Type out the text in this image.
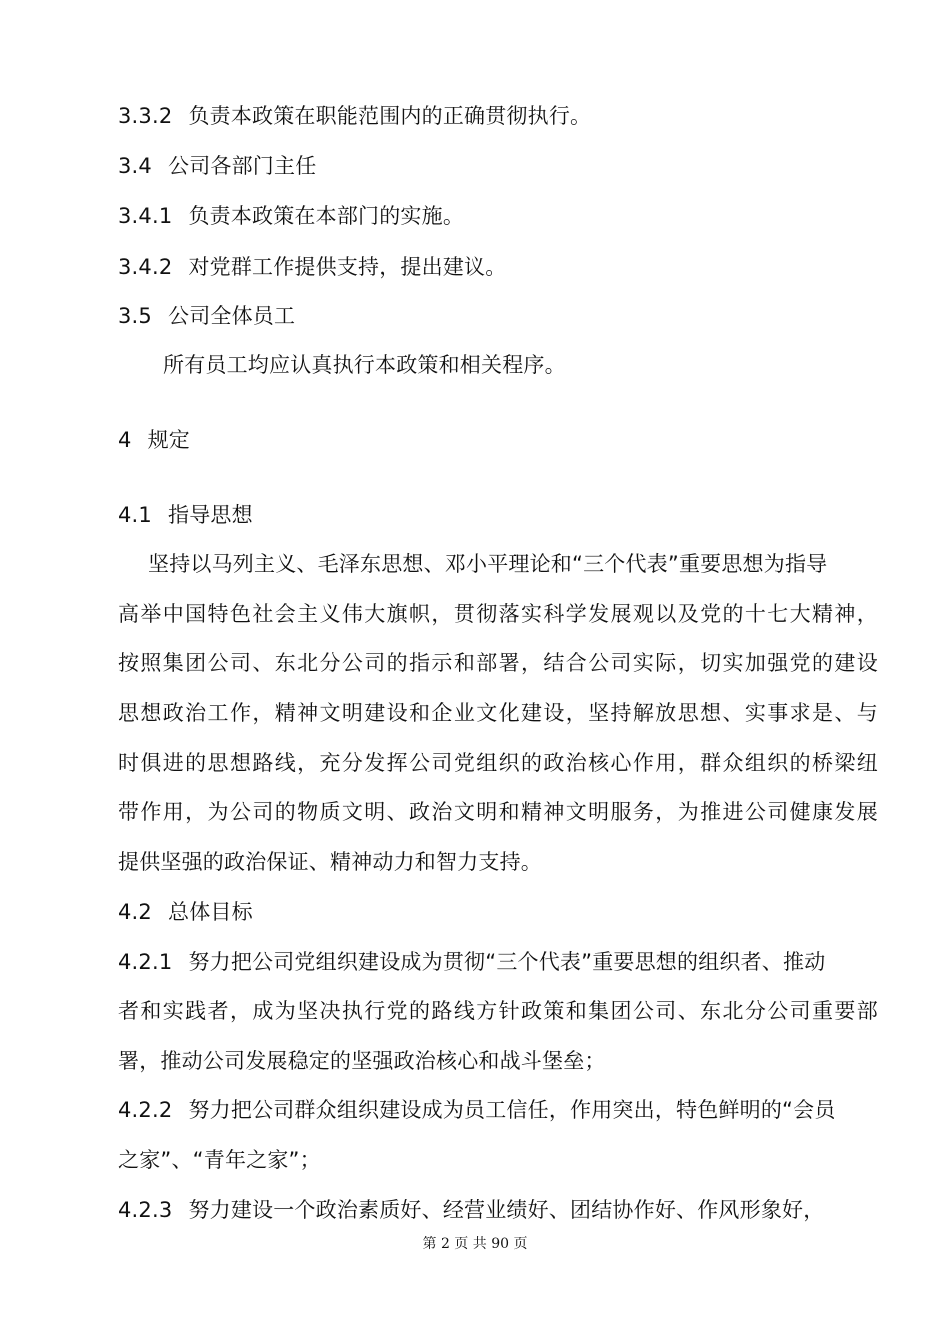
3.3.2 负责本政策在职能范围内的正确贯彻执行。
3.4 公司各部门主任
3.4.1 负责本政策在本部门的实施。
3.4.2 对党群工作提供支持，提出建议。
3.5 公司全体员工
所有员工均应认真执行本政策和相关程序。
4 规定
4.1 指导思想
坚持以马列主义、毛泽东思想、邓小平理论和“三个代表”重要思想为指导
高举中国特色社会主义伟大旗帜，贯彻落实科学发展观以及党的十七大精神，
按照集团公司、东北分公司的指示和部署，结合公司实际，切实加强党的建设
思想政治工作，精神文明建设和企业文化建设，坚持解放思想、实事求是、与
时俱进的思想路线，充分发挥公司党组织的政治核心作用，群众组织的桥梁纽
带作用，为公司的物质文明、政治文明和精神文明服务，为推进公司健康发展
提供坚强的政治保证、精神动力和智力支持。
4.2 总体目标
4.2.1 努力把公司党组织建设成为贯彻“三个代表”重要思想的组织者、推动
者和实践者，成为坚决执行党的路线方针政策和集团公司、东北分公司重要部
署，推动公司发展稳定的坚强政治核心和战斗堡垒；
4.2.2 努力把公司群众组织建设成为员工信任，作用突出，特色鲜明的“会员
之家”、“青年之家”；
4.2.3 努力建设一个政治素质好、经营业绩好、团结协作好、作风形象好，
第 2 页 共 90 页
